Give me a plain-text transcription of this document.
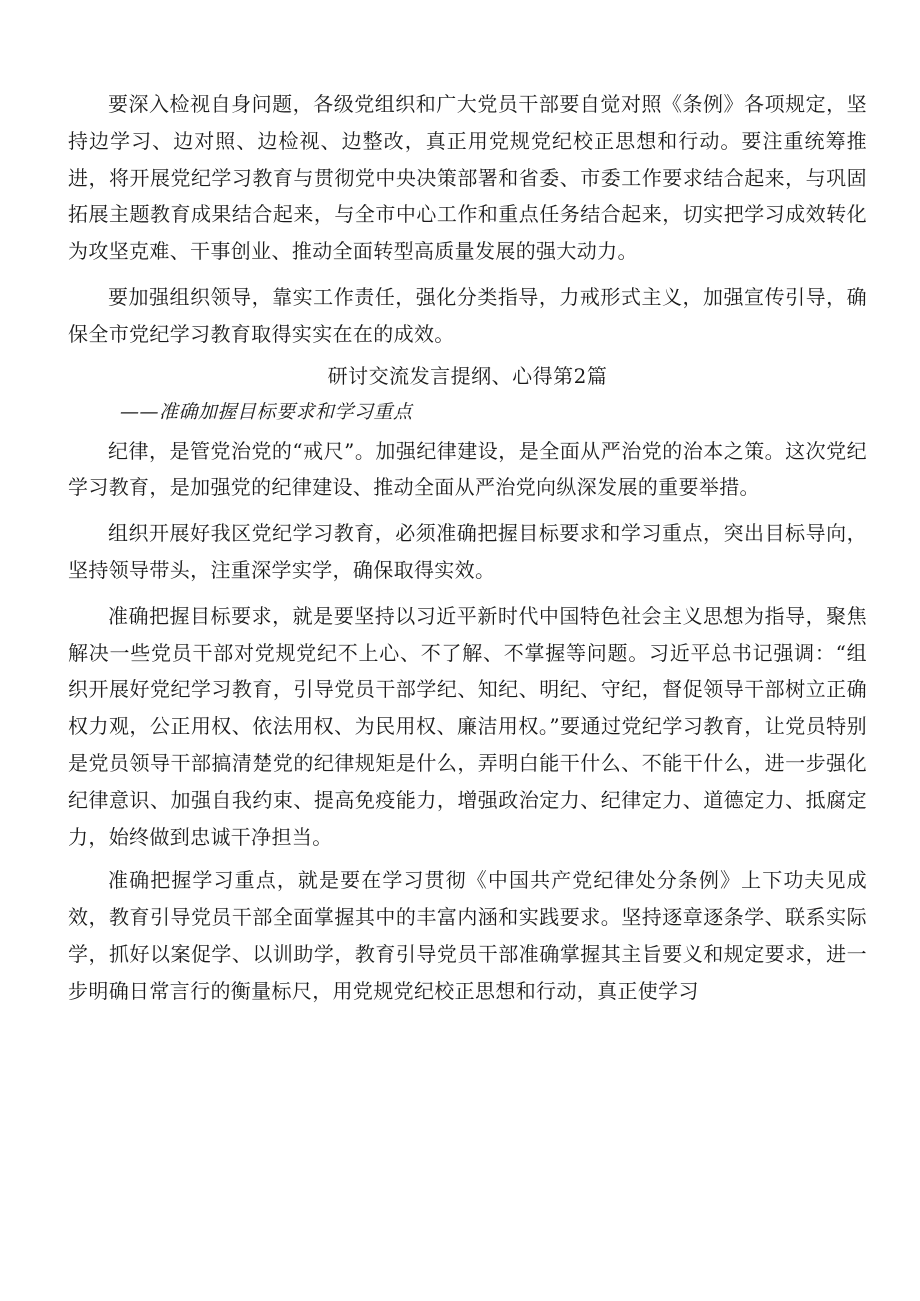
要深入检视自身问题，各级党组织和广大党员干部要自觉对照《条例》各项规定，坚持边学习、边对照、边检视、边整改，真正用党规党纪校正思想和行动。要注重统筹推进，将开展党纪学习教育与贯彻党中央决策部署和省委、市委工作要求结合起来，与巩固拓展主题教育成果结合起来，与全市中心工作和重点任务结合起来，切实把学习成效转化为攻坚克难、干事创业、推动全面转型高质量发展的强大动力。

要加强组织领导，靠实工作责任，强化分类指导，力戒形式主义，加强宣传引导，确保全市党纪学习教育取得实实在在的成效。

研讨交流发言提纲、心得第2篇

——准确加握目标要求和学习重点

纪律，是管党治党的“戒尺”。加强纪律建设，是全面从严治党的治本之策。这次党纪学习教育，是加强党的纪律建设、推动全面从严治党向纵深发展的重要举措。

组织开展好我区党纪学习教育，必须准确把握目标要求和学习重点，突出目标导向，坚持领导带头，注重深学实学，确保取得实效。

准确把握目标要求，就是要坚持以习近平新时代中国特色社会主义思想为指导，聚焦解决一些党员干部对党规党纪不上心、不了解、不掌握等问题。习近平总书记强调：“组织开展好党纪学习教育，引导党员干部学纪、知纪、明纪、守纪，督促领导干部树立正确权力观，公正用权、依法用权、为民用权、廉洁用权。”要通过党纪学习教育，让党员特别是党员领导干部搞清楚党的纪律规矩是什么，弄明白能干什么、不能干什么，进一步强化纪律意识、加强自我约束、提高免疫能力，增强政治定力、纪律定力、道德定力、抵腐定力，始终做到忠诚干净担当。

准确把握学习重点，就是要在学习贯彻《中国共产党纪律处分条例》上下功夫见成效，教育引导党员干部全面掌握其中的丰富内涵和实践要求。坚持逐章逐条学、联系实际学，抓好以案促学、以训助学，教育引导党员干部准确掌握其主旨要义和规定要求，进一步明确日常言行的衡量标尺，用党规党纪校正思想和行动，真正使学习
